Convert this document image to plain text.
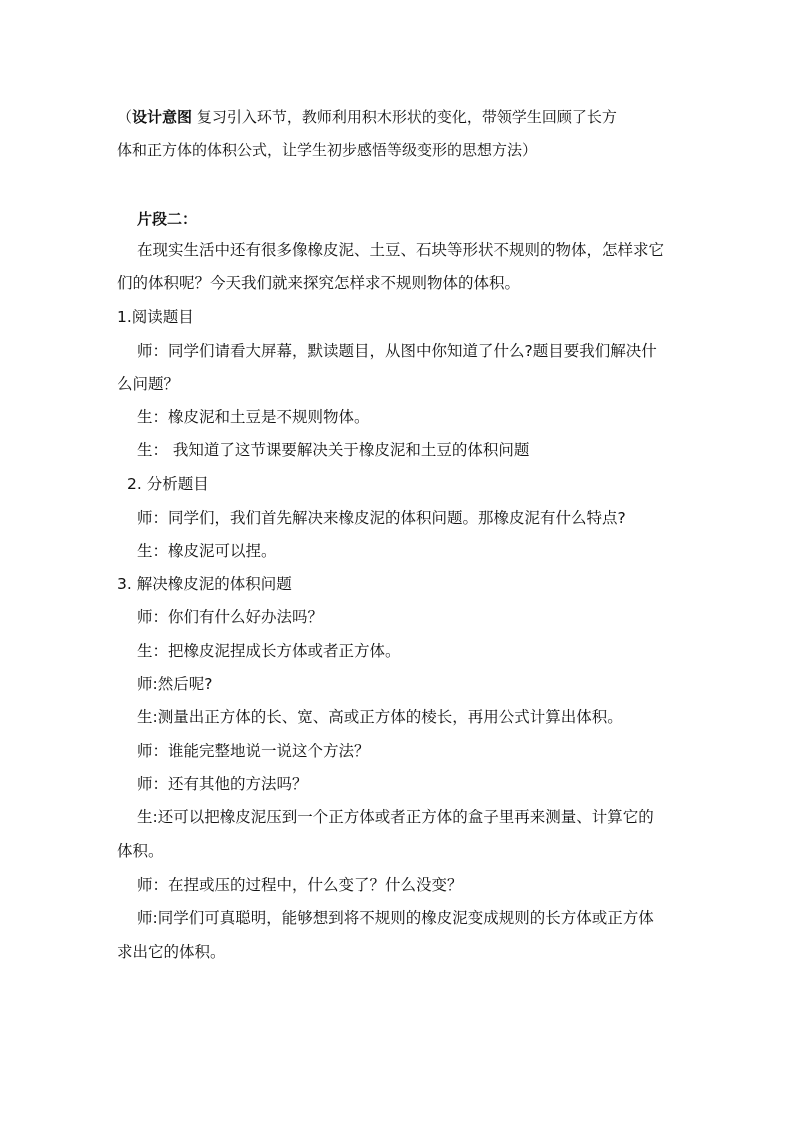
（设计意图 复习引入环节，教师利用积木形状的变化，带领学生回顾了长方
体和正方体的体积公式，让学生初步感悟等级变形的思想方法）
片段二：
在现实生活中还有很多像橡皮泥、土豆、石块等形状不规则的物体，怎样求它
们的体积呢？今天我们就来探究怎样求不规则物体的体积。
1.阅读题目
师：同学们请看大屏幕，默读题目，从图中你知道了什么?题目要我们解决什
么问题？
生：橡皮泥和土豆是不规则物体。
生： 我知道了这节课要解决关于橡皮泥和土豆的体积问题
2. 分析题目
师：同学们，我们首先解决来橡皮泥的体积问题。那橡皮泥有什么特点?
生：橡皮泥可以捏。
3. 解决橡皮泥的体积问题
师：你们有什么好办法吗？
生：把橡皮泥捏成长方体或者正方体。
师:然后呢?
生:测量出正方体的长、宽、高或正方体的棱长，再用公式计算出体积。
师：谁能完整地说一说这个方法？
师：还有其他的方法吗？
生:还可以把橡皮泥压到一个正方体或者正方体的盒子里再来测量、计算它的
体积。
师：在捏或压的过程中，什么变了？什么没变？
师:同学们可真聪明，能够想到将不规则的橡皮泥变成规则的长方体或正方体
求出它的体积。
